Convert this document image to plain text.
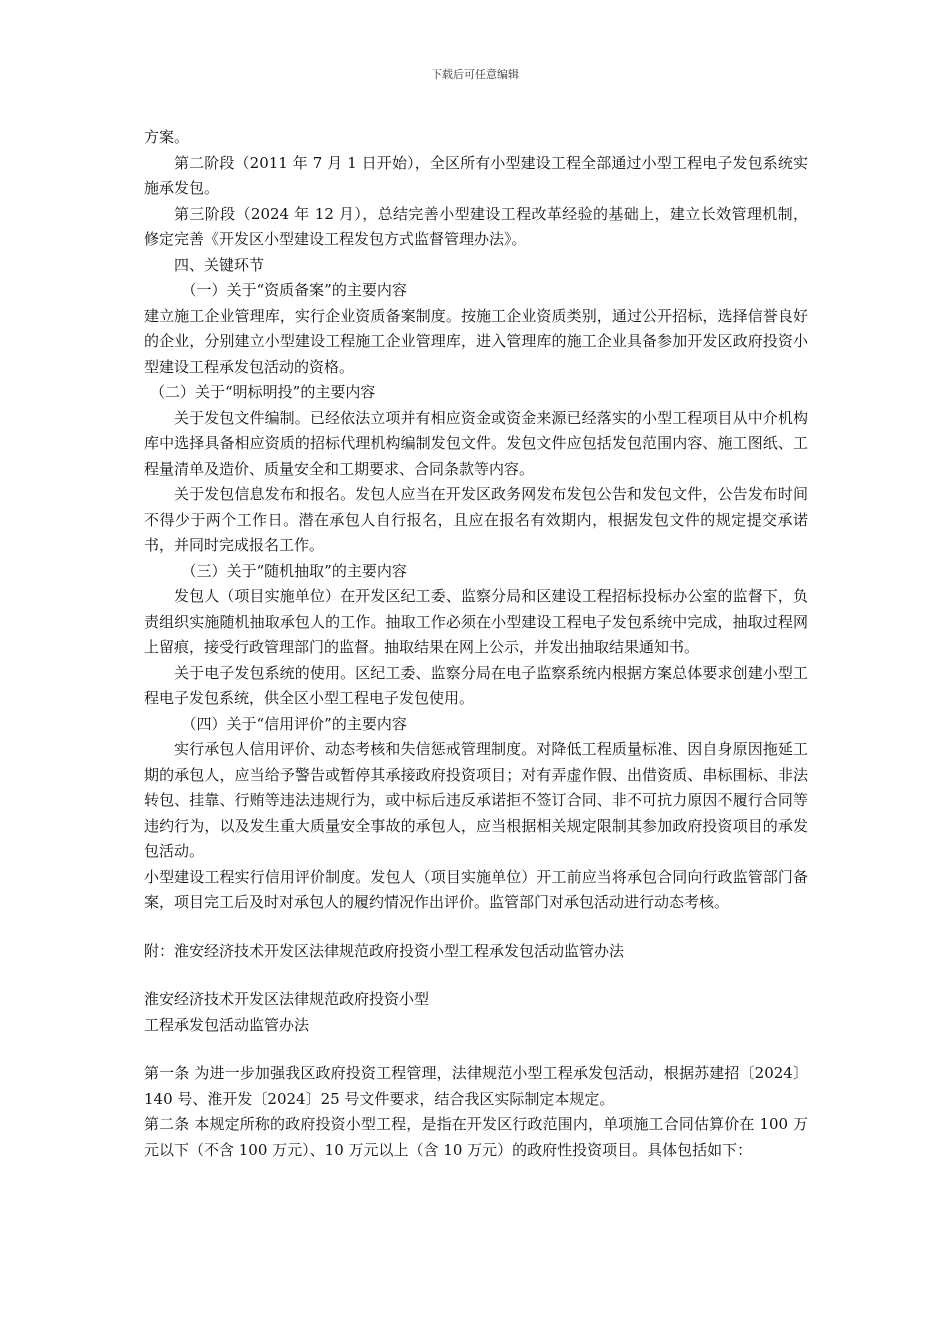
下载后可任意编辑

方案。

第二阶段（2011 年 7 月 1 日开始），全区所有小型建设工程全部通过小型工程电子发包系统实施承发包。

第三阶段（2024 年 12 月），总结完善小型建设工程改革经验的基础上，建立长效管理机制，修定完善《开发区小型建设工程发包方式监督管理办法》。

四、关键环节

（一）关于“资质备案”的主要内容

建立施工企业管理库，实行企业资质备案制度。按施工企业资质类别，通过公开招标，选择信誉良好的企业，分别建立小型建设工程施工企业管理库，进入管理库的施工企业具备参加开发区政府投资小型建设工程承发包活动的资格。

（二）关于“明标明投”的主要内容

关于发包文件编制。已经依法立项并有相应资金或资金来源已经落实的小型工程项目从中介机构库中选择具备相应资质的招标代理机构编制发包文件。发包文件应包括发包范围内容、施工图纸、工程量清单及造价、质量安全和工期要求、合同条款等内容。

关于发包信息发布和报名。发包人应当在开发区政务网发布发包公告和发包文件，公告发布时间不得少于两个工作日。潜在承包人自行报名，且应在报名有效期内，根据发包文件的规定提交承诺书，并同时完成报名工作。

（三）关于“随机抽取”的主要内容

发包人（项目实施单位）在开发区纪工委、监察分局和区建设工程招标投标办公室的监督下，负责组织实施随机抽取承包人的工作。抽取工作必须在小型建设工程电子发包系统中完成，抽取过程网上留痕，接受行政管理部门的监督。抽取结果在网上公示，并发出抽取结果通知书。

关于电子发包系统的使用。区纪工委、监察分局在电子监察系统内根据方案总体要求创建小型工程电子发包系统，供全区小型工程电子发包使用。

（四）关于“信用评价”的主要内容

实行承包人信用评价、动态考核和失信惩戒管理制度。对降低工程质量标准、因自身原因拖延工期的承包人，应当给予警告或暂停其承接政府投资项目；对有弄虚作假、出借资质、串标围标、非法转包、挂靠、行贿等违法违规行为，或中标后违反承诺拒不签订合同、非不可抗力原因不履行合同等违约行为，以及发生重大质量安全事故的承包人，应当根据相关规定限制其参加政府投资项目的承发包活动。

小型建设工程实行信用评价制度。发包人（项目实施单位）开工前应当将承包合同向行政监管部门备案，项目完工后及时对承包人的履约情况作出评价。监管部门对承包活动进行动态考核。

附：淮安经济技术开发区法律规范政府投资小型工程承发包活动监管办法

淮安经济技术开发区法律规范政府投资小型

工程承发包活动监管办法

第一条 为进一步加强我区政府投资工程管理，法律规范小型工程承发包活动，根据苏建招〔2024〕140 号、淮开发〔2024〕25 号文件要求，结合我区实际制定本规定。

第二条 本规定所称的政府投资小型工程，是指在开发区行政范围内，单项施工合同估算价在 100 万元以下（不含 100 万元）、10 万元以上（含 10 万元）的政府性投资项目。具体包括如下：
